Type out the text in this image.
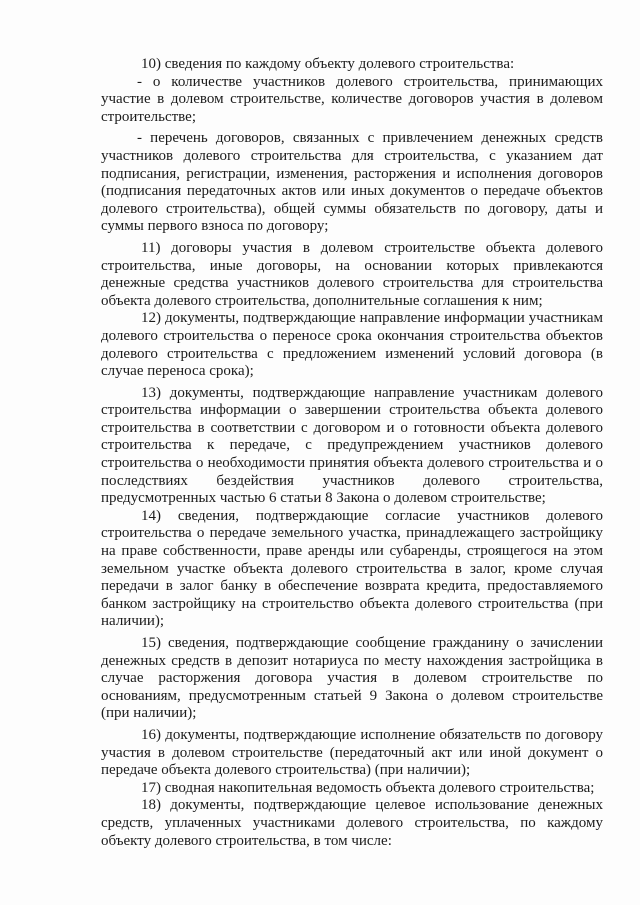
10) сведения по каждому объекту долевого строительства:

- о количестве участников долевого строительства, принимающих участие в долевом строительстве, количестве договоров участия в долевом строительстве;

- перечень договоров, связанных с привлечением денежных средств участников долевого строительства для строительства, с указанием дат подписания, регистрации, изменения, расторжения и исполнения договоров (подписания передаточных актов или иных документов о передаче объектов долевого строительства), общей суммы обязательств по договору, даты и суммы первого взноса по договору;

11) договоры участия в долевом строительстве объекта долевого строительства, иные договоры, на основании которых привлекаются денежные средства участников долевого строительства для строительства объекта долевого строительства, дополнительные соглашения к ним;

12) документы, подтверждающие направление информации участникам долевого строительства о переносе срока окончания строительства объектов долевого строительства с предложением изменений условий договора (в случае переноса срока);

13) документы, подтверждающие направление участникам долевого строительства информации о завершении строительства объекта долевого строительства в соответствии с договором и о готовности объекта долевого строительства к передаче, с предупреждением участников долевого строительства о необходимости принятия объекта долевого строительства и о последствиях бездействия участников долевого строительства, предусмотренных частью 6 статьи 8 Закона о долевом строительстве;

14) сведения, подтверждающие согласие участников долевого строительства о передаче земельного участка, принадлежащего застройщику на праве собственности, праве аренды или субаренды, строящегося на этом земельном участке объекта долевого строительства в залог, кроме случая передачи в залог банку в обеспечение возврата кредита, предоставляемого банком застройщику на строительство объекта долевого строительства (при наличии);

15) сведения, подтверждающие сообщение гражданину о зачислении денежных средств в депозит нотариуса по месту нахождения застройщика в случае расторжения договора участия в долевом строительстве по основаниям, предусмотренным статьей 9 Закона о долевом строительстве (при наличии);

16) документы, подтверждающие исполнение обязательств по договору участия в долевом строительстве (передаточный акт или иной документ о передаче объекта долевого строительства) (при наличии);

17) сводная накопительная ведомость объекта долевого строительства;

18) документы, подтверждающие целевое использование денежных средств, уплаченных участниками долевого строительства, по каждому объекту долевого строительства, в том числе:
